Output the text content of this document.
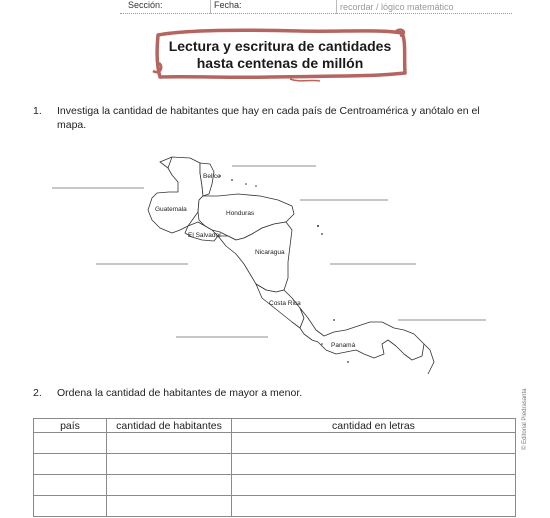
Sección:	Fecha:	recordar / lógico matemático
Lectura y escritura de cantidades
hasta centenas de millón
1. Investiga la cantidad de habitantes que hay en cada país de Centroamérica y anótalo en el
mapa.
Belice
Guatemala
Honduras
El Salvador
Nicaragua
Costa Rica
Panamá
2. Ordena la cantidad de habitantes de mayor a menor.
país	cantidad de habitantes	cantidad en letras

			© Editorial Piedrasanta
